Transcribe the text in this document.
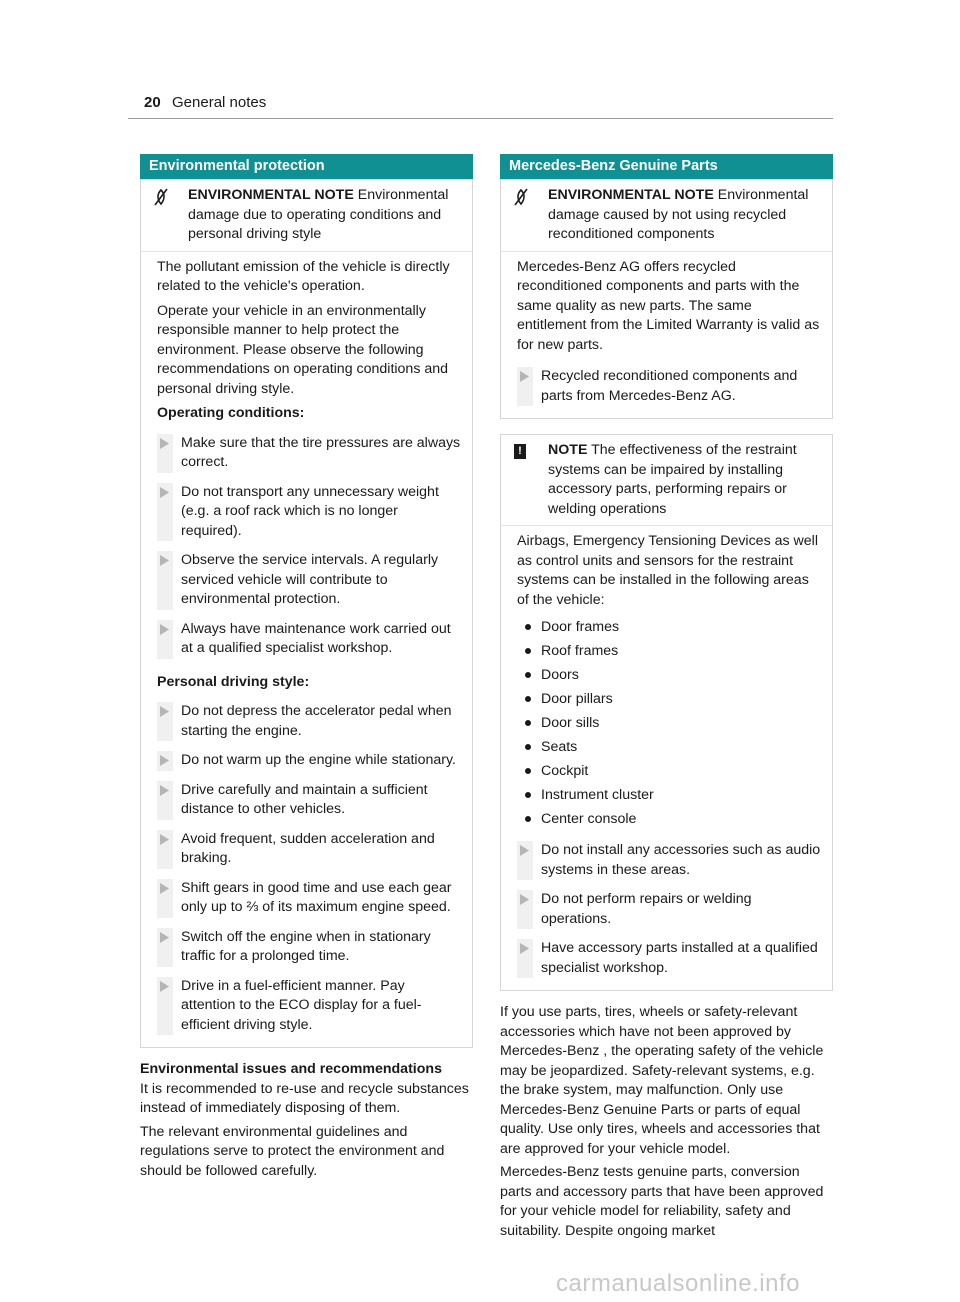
20 General notes
Environmental protection
ENVIRONMENTAL NOTE Environmental damage due to operating conditions and personal driving style

The pollutant emission of the vehicle is directly related to the vehicle's operation.

Operate your vehicle in an environmentally responsible manner to help protect the environment. Please observe the following recommendations on operating conditions and personal driving style.

Operating conditions:
Make sure that the tire pressures are always correct.
Do not transport any unnecessary weight (e.g. a roof rack which is no longer required).
Observe the service intervals. A regularly serviced vehicle will contribute to environmental protection.
Always have maintenance work carried out at a qualified specialist workshop.
Personal driving style:
Do not depress the accelerator pedal when starting the engine.
Do not warm up the engine while stationary.
Drive carefully and maintain a sufficient distance to other vehicles.
Avoid frequent, sudden acceleration and braking.
Shift gears in good time and use each gear only up to ⅔ of its maximum engine speed.
Switch off the engine when in stationary traffic for a prolonged time.
Drive in a fuel-efficient manner. Pay attention to the ECO display for a fuel-efficient driving style.
Environmental issues and recommendations

It is recommended to re-use and recycle substances instead of immediately disposing of them.

The relevant environmental guidelines and regulations serve to protect the environment and should be followed carefully.

Mercedes-Benz Genuine Parts
ENVIRONMENTAL NOTE Environmental damage caused by not using recycled reconditioned components

Mercedes-Benz AG offers recycled reconditioned components and parts with the same quality as new parts. The same entitlement from the Limited Warranty is valid as for new parts.

Recycled reconditioned components and parts from Mercedes-Benz AG.
! NOTE The effectiveness of the restraint systems can be impaired by installing accessory parts, performing repairs or welding operations

Airbags, Emergency Tensioning Devices as well as control units and sensors for the restraint systems can be installed in the following areas of the vehicle:

Door frames
Roof frames
Doors
Door pillars
Door sills
Seats
Cockpit
Instrument cluster
Center console
Do not install any accessories such as audio systems in these areas.
Do not perform repairs or welding operations.
Have accessory parts installed at a qualified specialist workshop.

If you use parts, tires, wheels or safety-relevant accessories which have not been approved by Mercedes-Benz , the operating safety of the vehicle may be jeopardized. Safety-relevant systems, e.g. the brake system, may malfunction. Only use Mercedes-Benz Genuine Parts or parts of equal quality. Use only tires, wheels and accessories that are approved for your vehicle model.

Mercedes-Benz tests genuine parts, conversion parts and accessory parts that have been approved for your vehicle model for reliability, safety and suitability. Despite ongoing market

carmanualsonline.info
